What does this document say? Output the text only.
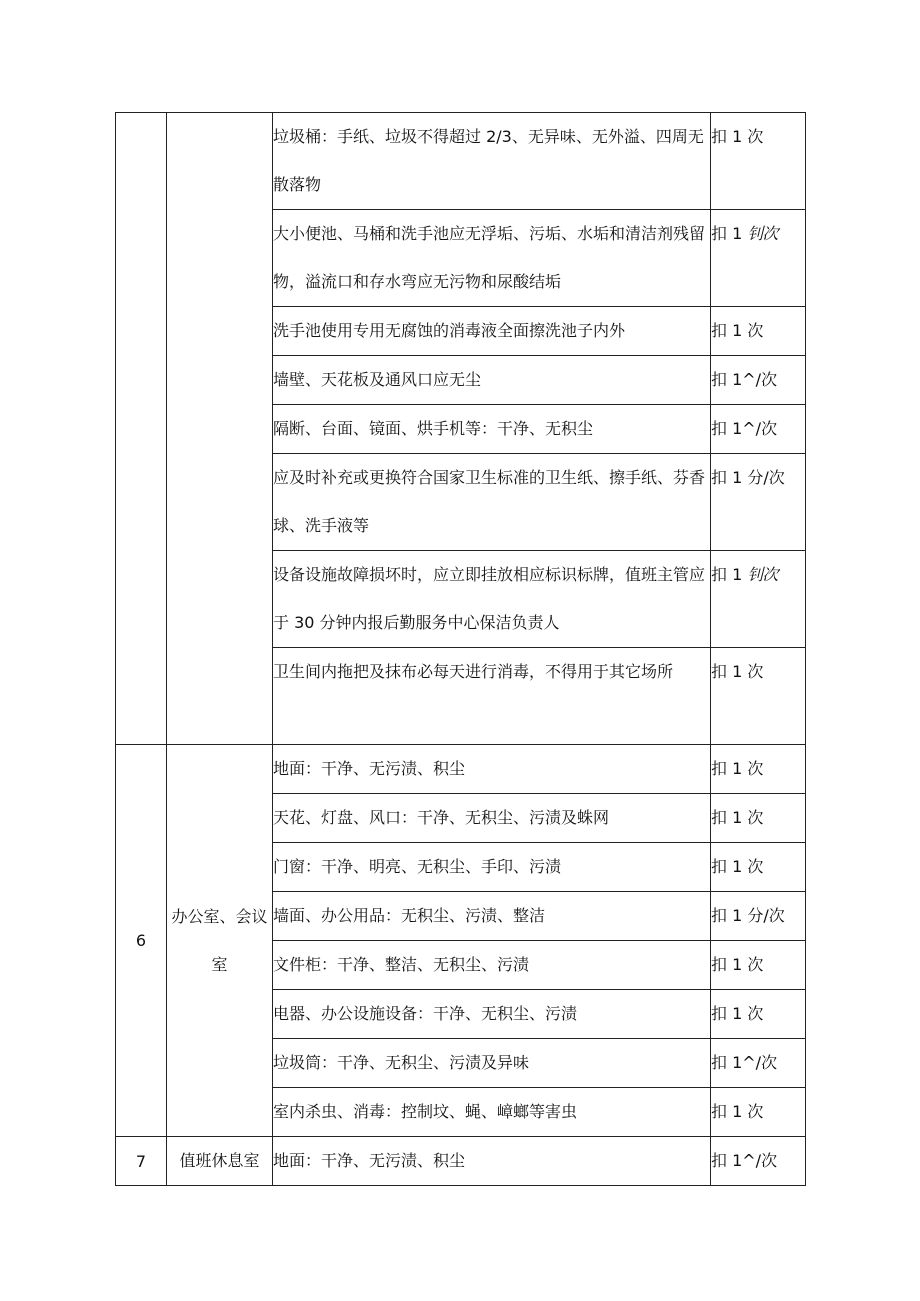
		垃圾桶：手纸、垃圾不得超过 2/3、无异味、无外溢、四周无散落物	扣 1 次
		大小便池、马桶和洗手池应无浮垢、污垢、水垢和清洁剂残留物，溢流口和存水弯应无污物和尿酸结垢	扣 1 钊次
		洗手池使用专用无腐蚀的消毒液全面擦洗池子内外	扣 1 次
		墙壁、天花板及通风口应无尘	扣 1^/次
		隔断、台面、镜面、烘手机等：干净、无积尘	扣 1^/次
		应及时补充或更换符合国家卫生标准的卫生纸、擦手纸、芬香球、洗手液等	扣 1 分/次
		设备设施故障损坏时，应立即挂放相应标识标牌，值班主管应于 30 分钟内报后勤服务中心保洁负责人	扣 1 钊次
		卫生间内拖把及抹布必每天进行消毒，不得用于其它场所	扣 1 次
6	办公室、会议室	地面：干净、无污渍、积尘	扣 1 次
		天花、灯盘、风口：干净、无积尘、污渍及蛛网	扣 1 次
		门窗：干净、明亮、无积尘、手印、污渍	扣 1 次
		墙面、办公用品：无积尘、污渍、整洁	扣 1 分/次
		文件柜：干净、整洁、无积尘、污渍	扣 1 次
		电器、办公设施设备：干净、无积尘、污渍	扣 1 次
		垃圾筒：干净、无积尘、污渍及异味	扣 1^/次
		室内杀虫、消毒：控制坟、蝇、嶂螂等害虫	扣 1 次
7	值班休息室	地面：干净、无污渍、积尘	扣 1^/次
